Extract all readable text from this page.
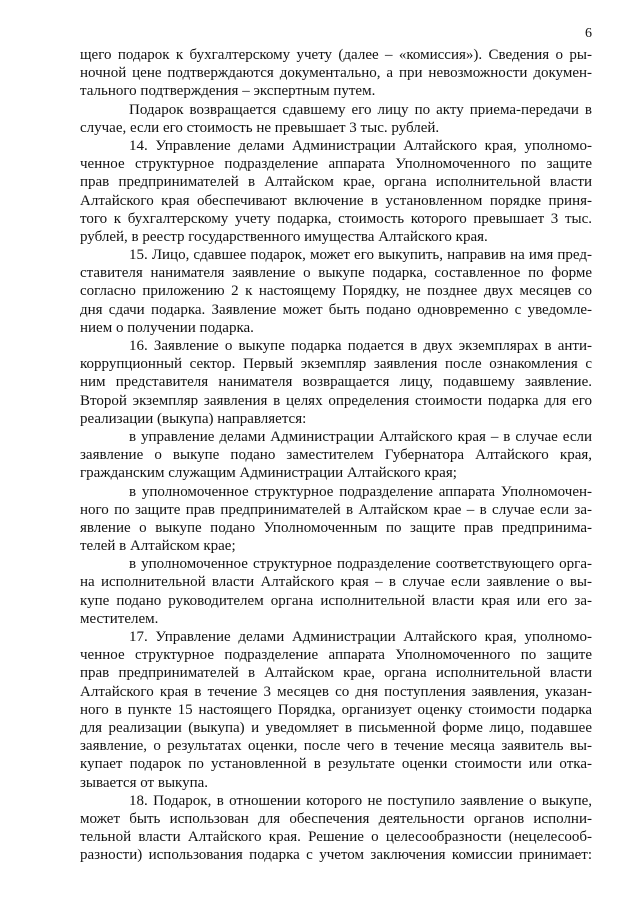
6
щего подарок к бухгалтерскому учету (далее – «комиссия»). Сведения о ры-
ночной цене подтверждаются документально, а при невозможности докумен-
тального подтверждения – экспертным путем.
Подарок возвращается сдавшему его лицу по акту приема-передачи в
случае, если его стоимость не превышает 3 тыс. рублей.
14. Управление делами Администрации Алтайского края, уполномо-
ченное структурное подразделение аппарата Уполномоченного по защите
прав предпринимателей в Алтайском крае, органа исполнительной власти
Алтайского края обеспечивают включение в установленном порядке приня-
того к бухгалтерскому учету подарка, стоимость которого превышает 3 тыс.
рублей, в реестр государственного имущества Алтайского края.
15. Лицо, сдавшее подарок, может его выкупить, направив на имя пред-
ставителя нанимателя заявление о выкупе подарка, составленное по форме
согласно приложению 2 к настоящему Порядку, не позднее двух месяцев со
дня сдачи подарка. Заявление может быть подано одновременно с уведомле-
нием о получении подарка.
16. Заявление о выкупе подарка подается в двух экземплярах в анти-
коррупционный сектор. Первый экземпляр заявления после ознакомления с
ним представителя нанимателя возвращается лицу, подавшему заявление.
Второй экземпляр заявления в целях определения стоимости подарка для его
реализации (выкупа) направляется:
в управление делами Администрации Алтайского края – в случае если
заявление о выкупе подано заместителем Губернатора Алтайского края,
гражданским служащим Администрации Алтайского края;
в уполномоченное структурное подразделение аппарата Уполномочен-
ного по защите прав предпринимателей в Алтайском крае – в случае если за-
явление о выкупе подано Уполномоченным по защите прав предпринима-
телей в Алтайском крае;
в уполномоченное структурное подразделение соответствующего орга-
на исполнительной власти Алтайского края – в случае если заявление о вы-
купе подано руководителем органа исполнительной власти края или его за-
местителем.
17. Управление делами Администрации Алтайского края, уполномо-
ченное структурное подразделение аппарата Уполномоченного по защите
прав предпринимателей в Алтайском крае, органа исполнительной власти
Алтайского края в течение 3 месяцев со дня поступления заявления, указан-
ного в пункте 15 настоящего Порядка, организует оценку стоимости подарка
для реализации (выкупа) и уведомляет в письменной форме лицо, подавшее
заявление, о результатах оценки, после чего в течение месяца заявитель вы-
купает подарок по установленной в результате оценки стоимости или отка-
зывается от выкупа.
18. Подарок, в отношении которого не поступило заявление о выкупе,
может быть использован для обеспечения деятельности органов исполни-
тельной власти Алтайского края. Решение о целесообразности (нецелесооб-
разности) использования подарка с учетом заключения комиссии принимает:
